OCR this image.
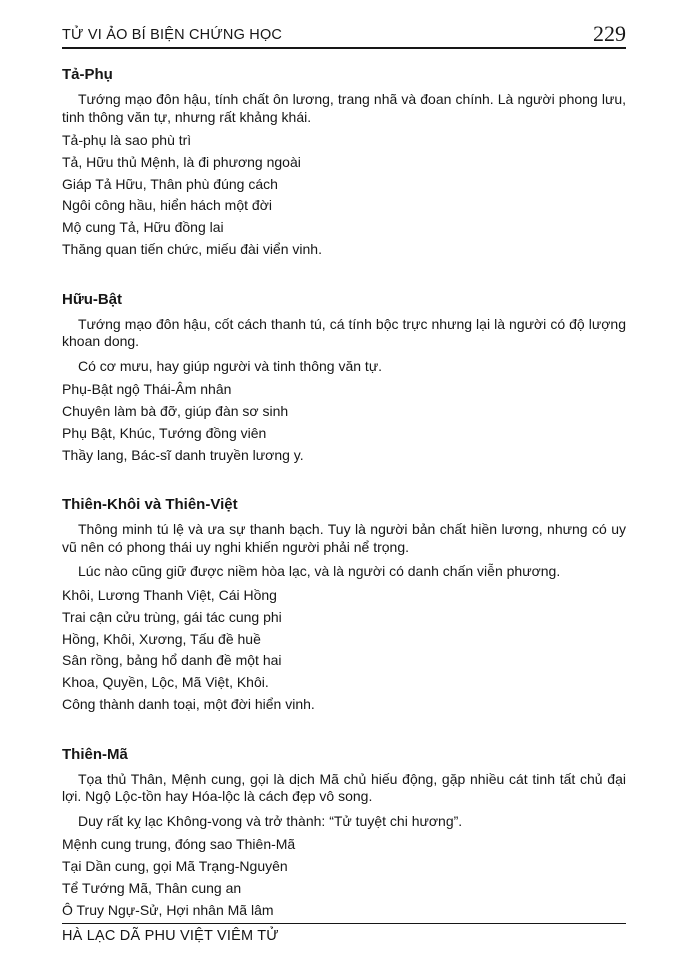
TỬ VI ẢO BÍ BIỆN CHỨNG HỌC	229
Tả-Phụ

Tướng mạo đôn hậu, tính chất ôn lương, trang nhã và đoan chính. Là người phong lưu, tinh thông văn tự, nhưng rất khảng khái.

Tả-phụ là sao phù trì

Tả, Hữu thủ Mệnh, là đi phương ngoài

Giáp Tả Hữu, Thân phù đúng cách

Ngôi công hầu, hiển hách một đời

Mộ cung Tả, Hữu đồng lai

Thăng quan tiến chức, miếu đài viển vinh.

Hữu-Bật

Tướng mạo đôn hậu, cốt cách thanh tú, cá tính bộc trực nhưng lại là người có độ lượng khoan dong.

Có cơ mưu, hay giúp người và tinh thông văn tự.

Phụ-Bật ngộ Thái-Âm nhân

Chuyên làm bà đỡ, giúp đàn sơ sinh

Phụ Bật, Khúc, Tướng đồng viên

Thầy lang, Bác-sĩ danh truyền lương y.

Thiên-Khôi và Thiên-Việt

Thông minh tú lệ và ưa sự thanh bạch. Tuy là người bản chất hiền lương, nhưng có uy vũ nên có phong thái uy nghi khiến người phải nể trọng.

Lúc nào cũng giữ được niềm hòa lạc, và là người có danh chấn viễn phương.

Khôi, Lương Thanh Việt, Cái Hồng

Trai cận cửu trùng, gái tác cung phi

Hồng, Khôi, Xương, Tấu đề huề

Sân rồng, bảng hổ danh đề một hai

Khoa, Quyền, Lộc, Mã Việt, Khôi.

Công thành danh toại, một đời hiển vinh.

Thiên-Mã

Tọa thủ Thân, Mệnh cung, gọi là dịch Mã chủ hiếu động, gặp nhiều cát tinh tất chủ đại lợi. Ngộ Lộc-tồn hay Hóa-lộc là cách đẹp vô song.

Duy rất kỵ lạc Không-vong và trở thành: “Tử tuyệt chi hương”.

Mệnh cung trung, đóng sao Thiên-Mã

Tại Dần cung, gọi Mã Trạng-Nguyên

Tể Tướng Mã, Thân cung an

Ô Truy Ngự-Sử, Hợi nhân Mã lâm

HÀ LẠC DÃ PHU VIỆT VIÊM TỬ
